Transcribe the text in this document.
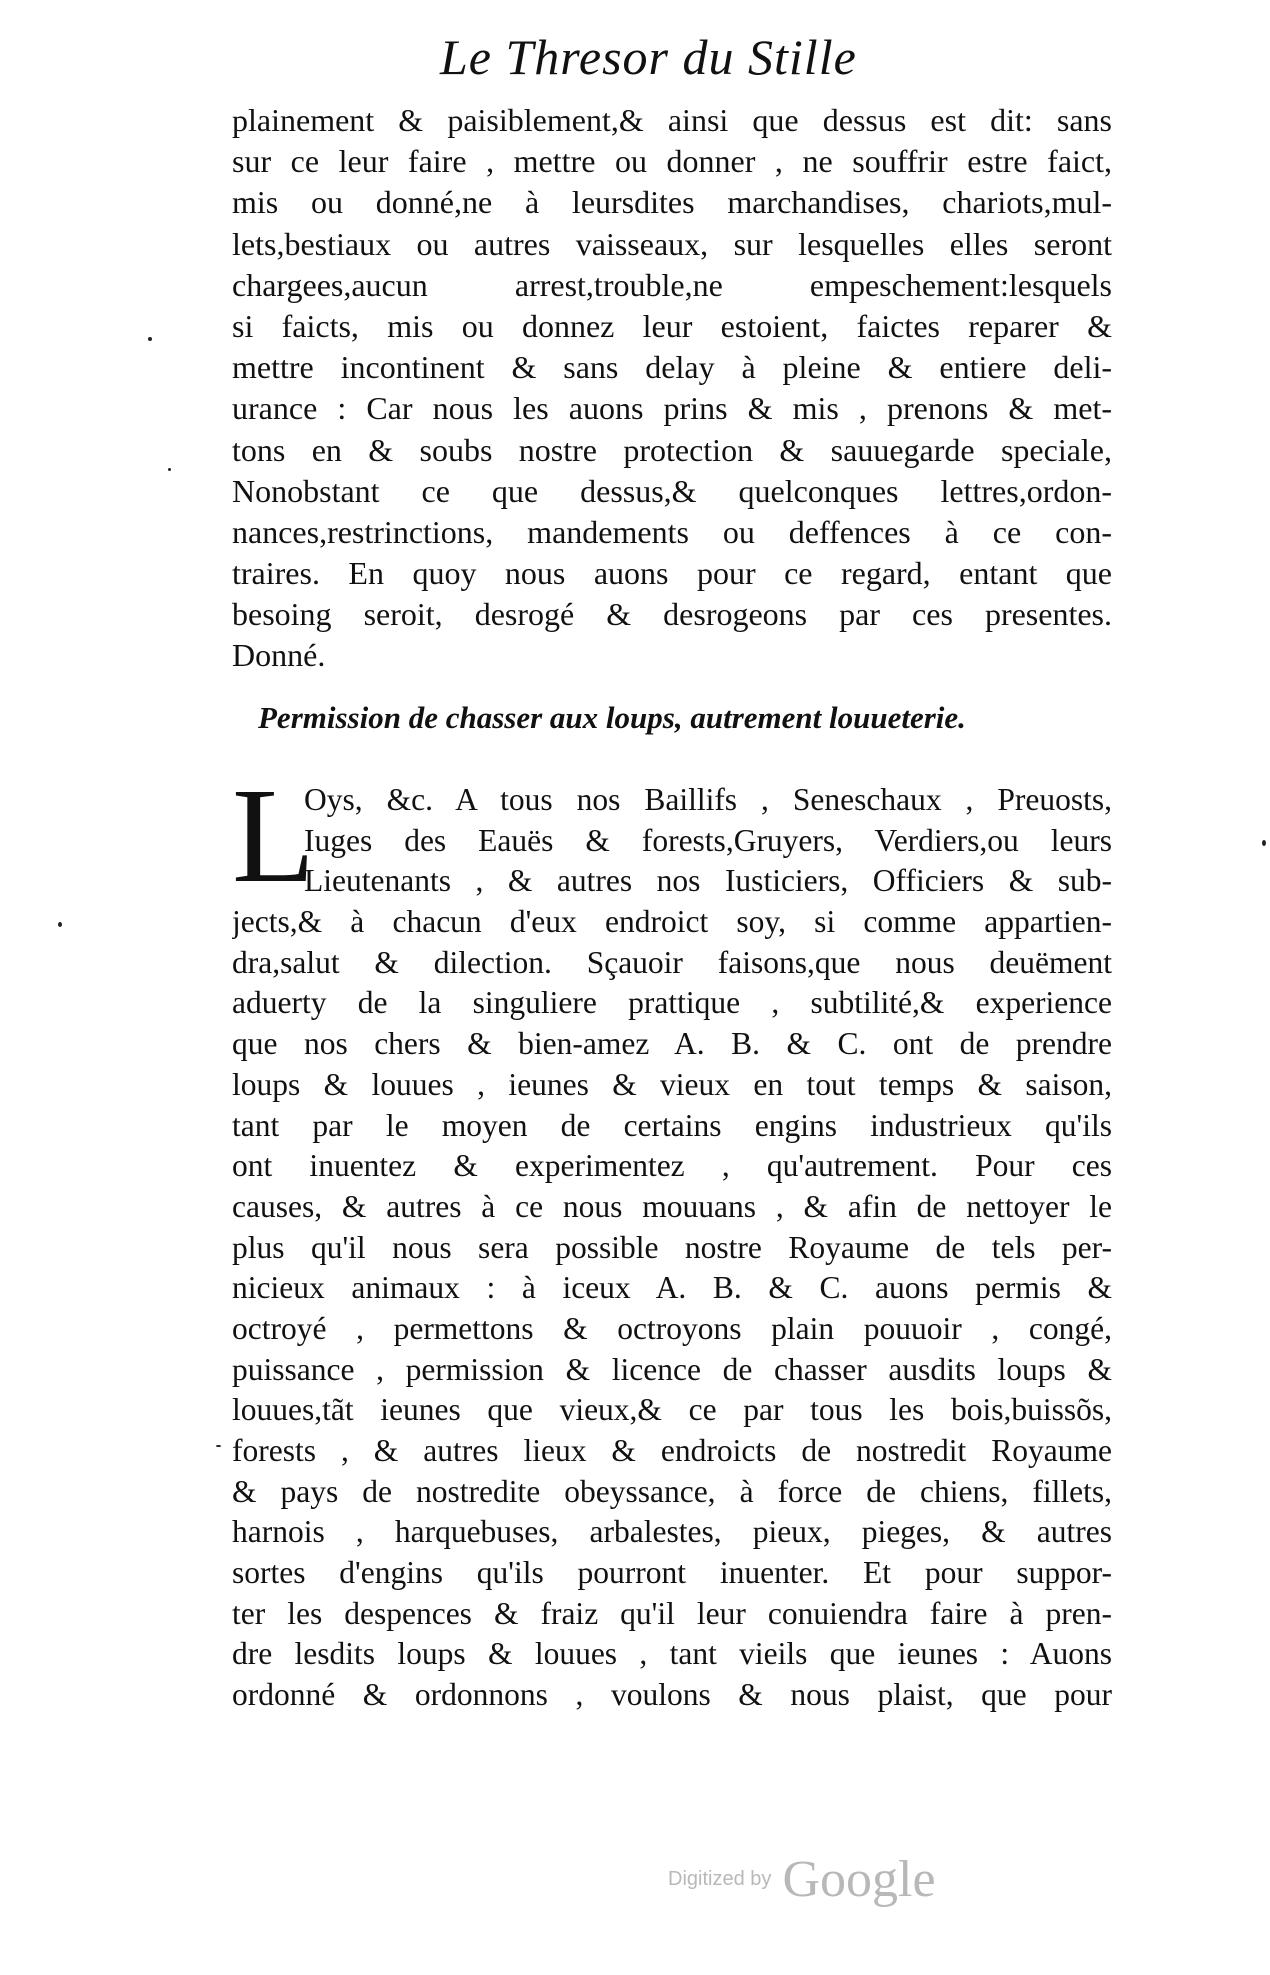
Le Thresor du Stille
plainement & paisiblement,& ainsi que dessus est dit: sans
sur ce leur faire , mettre ou donner , ne souffrir estre faict,
mis ou donné,ne à leursdites marchandises, chariots,mul-
lets,bestiaux ou autres vaisseaux, sur lesquelles elles seront
chargees,aucun arrest,trouble,ne empeschement:lesquels
si faicts, mis ou donnez leur estoient, faictes reparer &
mettre incontinent & sans delay à pleine & entiere deli-
urance : Car nous les auons prins & mis , prenons & met-
tons en & soubs nostre protection & sauuegarde speciale,
Nonobstant ce que dessus,& quelconques lettres,ordon-
nances,restrinctions, mandements ou deffences à ce con-
traires. En quoy nous auons pour ce regard, entant que
besoing seroit, desrogé & desrogeons par ces presentes.
Donné.
Permission de chasser aux loups, autrement louueterie.
L
Oys, &c. A tous nos Baillifs , Seneschaux , Preuosts,
Iuges des Eauës & forests,Gruyers, Verdiers,ou leurs
Lieutenants , & autres nos Iusticiers, Officiers & sub-
jects,& à chacun d'eux endroict soy, si comme appartien-
dra,salut & dilection. Sçauoir faisons,que nous deuëment
aduerty de la singuliere prattique , subtilité,& experience
que nos chers & bien-amez A. B. & C. ont de prendre
loups & louues , ieunes & vieux en tout temps & saison,
tant par le moyen de certains engins industrieux qu'ils
ont inuentez & experimentez , qu'autrement. Pour ces
causes, & autres à ce nous mouuans , & afin de nettoyer le
plus qu'il nous sera possible nostre Royaume de tels per-
nicieux animaux : à iceux A. B. & C. auons permis &
octroyé , permettons & octroyons plain pouuoir , congé,
puissance , permission & licence de chasser ausdits loups &
louues,tãt ieunes que vieux,& ce par tous les bois,buissõs,
forests , & autres lieux & endroicts de nostredit Royaume
& pays de nostredite obeyssance, à force de chiens, fillets,
harnois , harquebuses, arbalestes, pieux, pieges, & autres
sortes d'engins qu'ils pourront inuenter. Et pour suppor-
ter les despences & fraiz qu'il leur conuiendra faire à pren-
dre lesdits loups & louues , tant vieils que ieunes : Auons
ordonné & ordonnons , voulons & nous plaist, que pour
Digitized by Google
